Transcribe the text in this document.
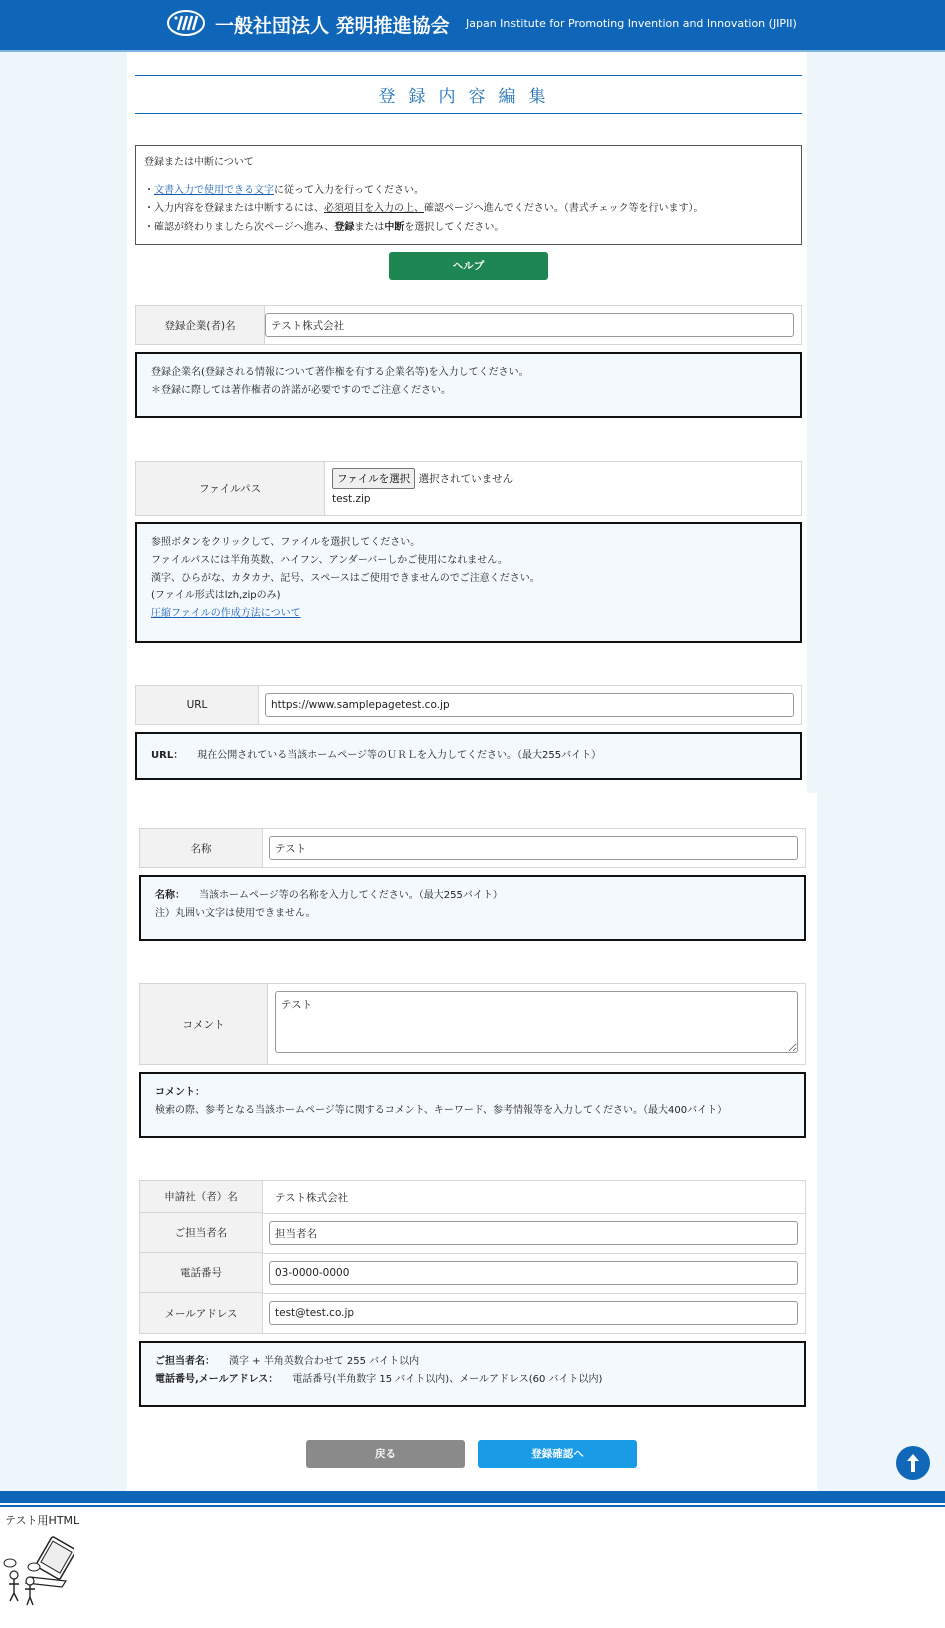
一般社団法人 発明推進協会 Japan Institute for Promoting Invention and Innovation (JIPII)
登録内容編集

登録または中断について

・文書入力で使用できる文字に従って入力を行ってください。

・入力内容を登録または中断するには、必須項目を入力の上、確認ページへ進んでください。（書式チェック等を行います）。

・確認が終わりましたら次ページへ進み、登録または中断を選択してください。

ヘルプ
登録企業(者)名
テスト株式会社

登録企業名(登録される情報について著作権を有する企業名等)を入力してください。

＊登録に際しては著作権者の許諾が必要ですのでご注意ください。

ファイルパス
ファイルを選択 選択されていません
test.zip

参照ボタンをクリックして、ファイルを選択してください。

ファイルパスには半角英数、ハイフン、アンダーバーしかご使用になれません。

漢字、ひらがな、カタカナ、記号、スペースはご使用できませんのでご注意ください。

(ファイル形式はlzh,zipのみ)

圧縮ファイルの作成方法について

URL
https://www.samplepagetest.co.jp

URL： 現在公開されている当該ホームページ等のＵＲＬを入力してください。（最大255バイト）

名称
テスト

名称： 当該ホームページ等の名称を入力してください。（最大255バイト）

注）丸囲い文字は使用できません。

コメント
テスト

コメント：検索の際、参考となる当該ホームページ等に関するコメント、キーワード、参考情報等を入力してください。（最大400バイト）

申請社（者）名	テスト株式会社
ご担当者名
担当者名
電話番号
03-0000-0000
メールアドレス
test@test.co.jp

ご担当者名： 漢字 + 半角英数合わせて 255 バイト以内

電話番号,メールアドレス： 電話番号(半角数字 15 バイト以内)、メールアドレス(60 バイト以内)

戻る	登録確認へ
テスト用HTML
